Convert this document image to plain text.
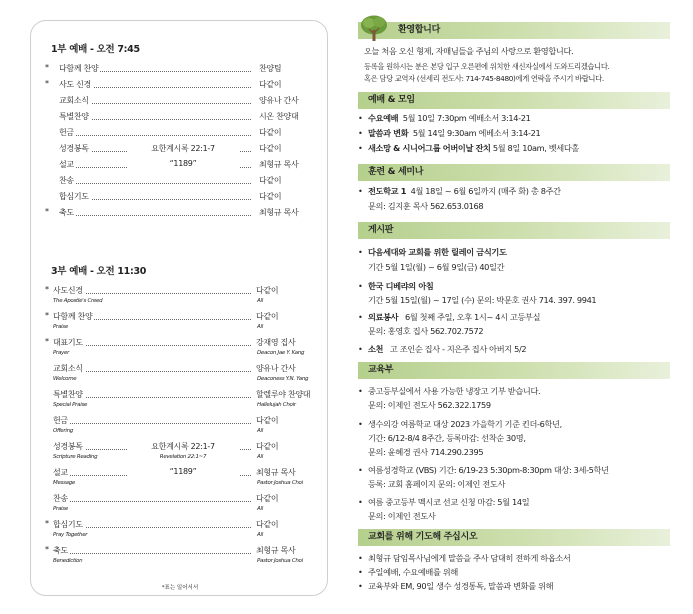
1부 예배 - 오전 7:45
*	다함께 찬양	찬양팀
*	사도 신경	다같이
교회소식	양유나 간사
특별찬양	시온 찬양대
헌금	다같이
성경봉독	요한계시록 22:1-7	다같이
설교	“1189”	최형규 목사
찬송	다같이
합심기도	다같이
*	축도	최형규 목사
3부 예배 - 오전 11:30
* 사도신경	다같이
The Apostle's Creed	All
* 다함께 찬양	다같이
Praise	All
* 대표기도	강재영 집사
Prayer	Deacon Jae Y. Kang
교회소식	양유나 간사
Welcome	Deaconess Y.N. Yang
특별찬양	할렐루야 찬양대
Special Praise	Hallelujah Choir
헌금	다같이
Offering	All
성경봉독	요한계시록 22:1-7	다같이
Scripture Reading	Revelation 22:1~7	All
설교	“1189”	최형규 목사
Message	Pastor Joshua Choi
찬송	다같이
Praise	All
* 합심기도	다같이
Pray Together	All
* 축도	최형규 목사
Benediction	Pastor Joshua Choi
*표는 일어서서
환영합니다
오늘 처음 오신 형제, 자매님들을 주님의 사랑으로 환영합니다.
등록을 원하시는 분은 본당 입구 오른편에 위치한 새신자실에서 도와드리겠습니다.
혹은 담당 교역자 (선세리 전도사: 714-745-8480)에게 연락을 주시기 바랍니다.
예배 & 모임
• 수요예배 5월 10일 7:30pm 예배소서 3:14-21
• 말씀과 변화 5월 14일 9:30am 에베소서 3:14-21
• 새소망 & 시니어그룹 어버이날 잔치 5월 8일 10am, 벳세다홀
훈련 & 세미나
• 전도학교 1 4월 18일 ~ 6월 6일까지 (매주 화) 총 8주간
문의: 김지훈 목사 562.653.0168
게시판
• 다음세대와 교회를 위한 릴레이 금식기도
기간 5월 1일(월) ~ 6월 9일(금) 40일간
• 한국 디베랴의 아침
기간 5월 15일(월) ~ 17일 (수) 문의: 박문호 권사 714. 397. 9941
• 의료봉사 6월 첫째 주일, 오후 1시~ 4시 고등부실
문의: 홍영호 집사 562.702.7572
• 소천 고 조인순 집사 - 지은주 집사 아버지 5/2
교육부
• 중고등부실에서 사용 가능한 냉장고 기부 받습니다.
문의: 이제인 전도사 562.322.1759
• 생수의강 여름학교 대상 2023 가을학기 기준 킨더-6학년,
기간: 6/12-8/4 8주간, 등록마감: 선착순 30명,
문의: 윤혜경 권사 714.290.2395
• 여름성경학교 (VBS) 기간: 6/19-23 5:30pm-8:30pm 대상: 3세-5학년
등록: 교회 홈페이지 문의: 이제인 전도사
• 여름 중고등부 멕시코 선교 신청 마감: 5월 14일
문의: 이제인 전도사
교회를 위해 기도해 주십시오
• 최형규 담임목사님에게 말씀을 주사 담대히 전하게 하옵소서
• 주일예배, 수요예배를 위해
• 교육부와 EM, 90일 생수 성경통독, 말씀과 변화를 위해
